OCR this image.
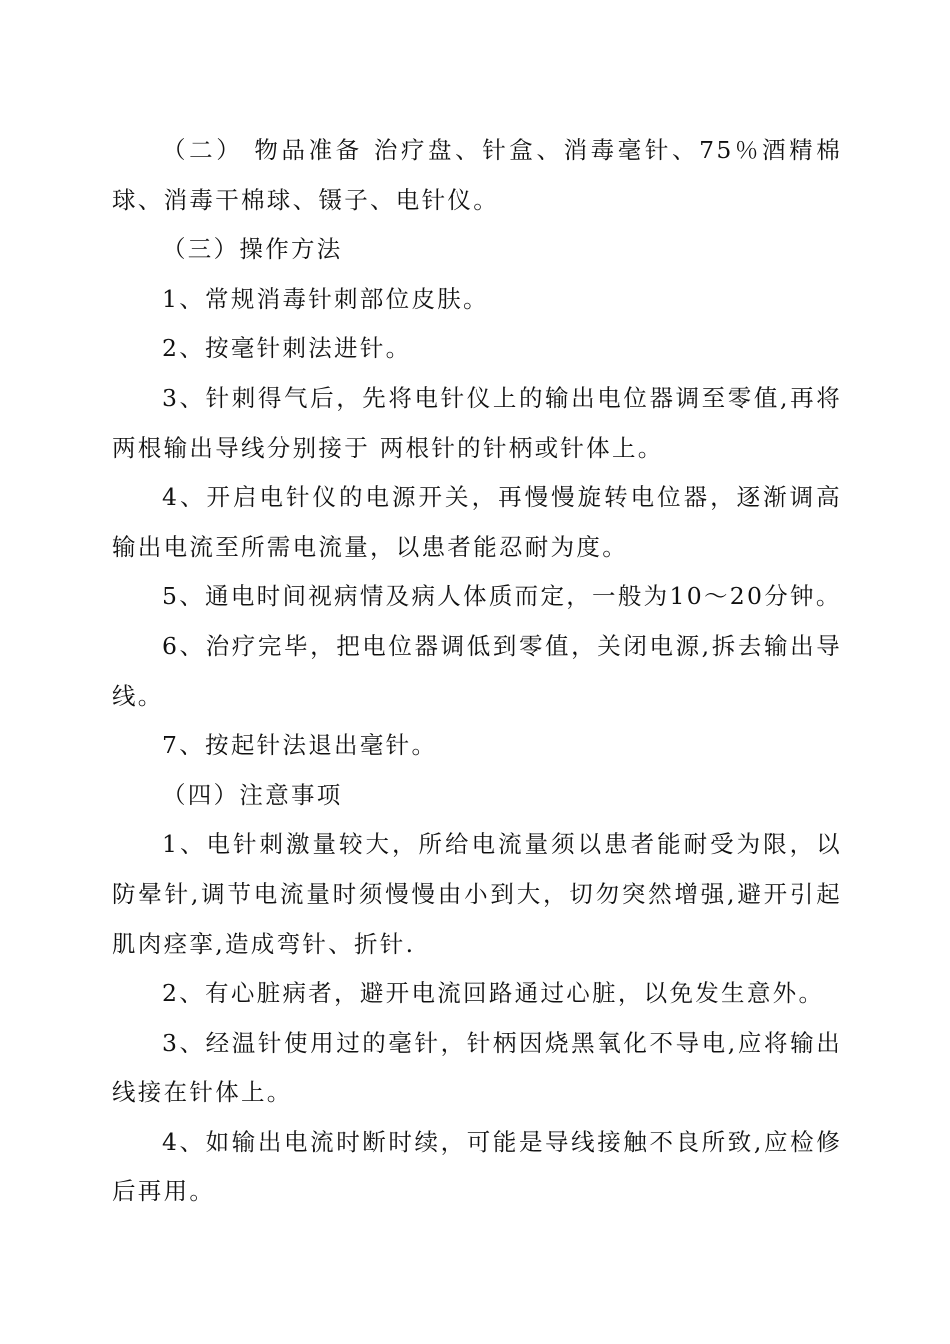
（二） 物品准备 治疗盘、针盒、消毒毫针、75％酒精棉球、消毒干棉球、镊子、电针仪。

（三）操作方法

1、常规消毒针刺部位皮肤。

2、按毫针刺法进针。

3、针刺得气后，先将电针仪上的输出电位器调至零值,再将两根输出导线分别接于 两根针的针柄或针体上。

4、开启电针仪的电源开关，再慢慢旋转电位器，逐渐调高输出电流至所需电流量，以患者能忍耐为度。

5、通电时间视病情及病人体质而定，一般为10～20分钟。

6、治疗完毕，把电位器调低到零值，关闭电源,拆去输出导线。

7、按起针法退出毫针。

（四）注意事项

1、电针刺激量较大，所给电流量须以患者能耐受为限，以防晕针,调节电流量时须慢慢由小到大，切勿突然增强,避开引起肌肉痉挛,造成弯针、折针.

2、有心脏病者，避开电流回路通过心脏，以免发生意外。

3、经温针使用过的毫针，针柄因烧黑氧化不导电,应将输出线接在针体上。

4、如输出电流时断时续，可能是导线接触不良所致,应检修后再用。
